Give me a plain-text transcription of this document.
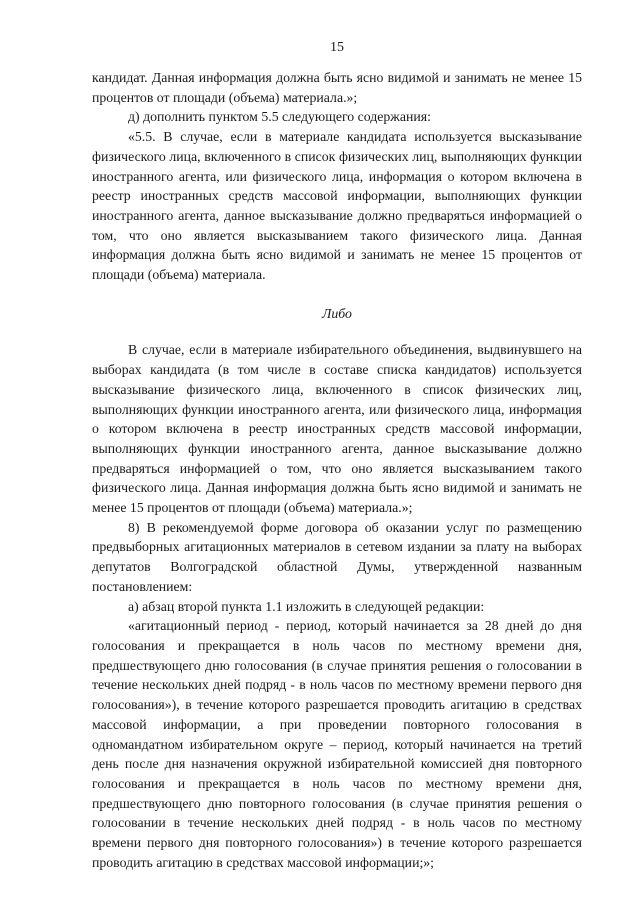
15

кандидат. Данная информация должна быть ясно видимой и занимать не менее 15 процентов от площади (объема) материала.»;

д) дополнить пунктом 5.5 следующего содержания:

«5.5. В случае, если в материале кандидата используется высказывание физического лица, включенного в список физических лиц, выполняющих функции иностранного агента, или физического лица, информация о котором включена в реестр иностранных средств массовой информации, выполняющих функции иностранного агента, данное высказывание должно предваряться информацией о том, что оно является высказыванием такого физического лица. Данная информация должна быть ясно видимой и занимать не менее 15 процентов от площади (объема) материала.

Либо

В случае, если в материале избирательного объединения, выдвинувшего на выборах кандидата (в том числе в составе списка кандидатов) используется высказывание физического лица, включенного в список физических лиц, выполняющих функции иностранного агента, или физического лица, информация о котором включена в реестр иностранных средств массовой информации, выполняющих функции иностранного агента, данное высказывание должно предваряться информацией о том, что оно является высказыванием такого физического лица. Данная информация должна быть ясно видимой и занимать не менее 15 процентов от площади (объема) материала.»;

8) В рекомендуемой форме договора об оказании услуг по размещению предвыборных агитационных материалов в сетевом издании за плату на выборах депутатов Волгоградской областной Думы, утвержденной названным постановлением:

а) абзац второй пункта 1.1 изложить в следующей редакции:

«агитационный период - период, который начинается за 28 дней до дня голосования и прекращается в ноль часов по местному времени дня, предшествующего дню голосования (в случае принятия решения о голосовании в течение нескольких дней подряд - в ноль часов по местному времени первого дня голосования»), в течение которого разрешается проводить агитацию в средствах массовой информации, а при проведении повторного голосования в одномандатном избирательном округе – период, который начинается на третий день после дня назначения окружной избирательной комиссией дня повторного голосования и прекращается в ноль часов по местному времени дня, предшествующего дню повторного голосования (в случае принятия решения о голосовании в течение нескольких дней подряд - в ноль часов по местному времени первого дня повторного голосования») в течение которого разрешается проводить агитацию в средствах массовой информации;»;
